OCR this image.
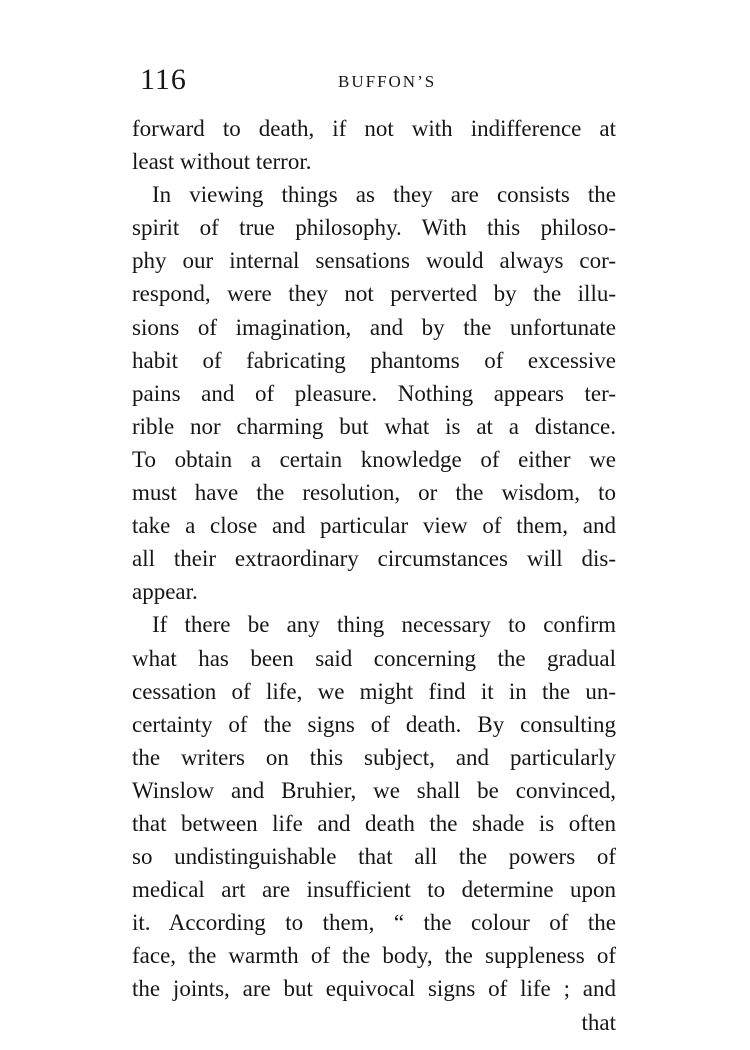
116	BUFFON’S
forward to death, if not with indifference at
least without terror.
In viewing things as they are consists the
spirit of true philosophy. With this philoso-
phy our internal sensations would always cor-
respond, were they not perverted by the illu-
sions of imagination, and by the unfortunate
habit of fabricating phantoms of excessive
pains and of pleasure. Nothing appears ter-
rible nor charming but what is at a distance.
To obtain a certain knowledge of either we
must have the resolution, or the wisdom, to
take a close and particular view of them, and
all their extraordinary circumstances will dis-
appear.
If there be any thing necessary to confirm
what has been said concerning the gradual
cessation of life, we might find it in the un-
certainty of the signs of death. By consulting
the writers on this subject, and particularly
Winslow and Bruhier, we shall be convinced,
that between life and death the shade is often
so undistinguishable that all the powers of
medical art are insufficient to determine upon
it. According to them, “ the colour of the
face, the warmth of the body, the suppleness of
the joints, are but equivocal signs of life ; and
that
